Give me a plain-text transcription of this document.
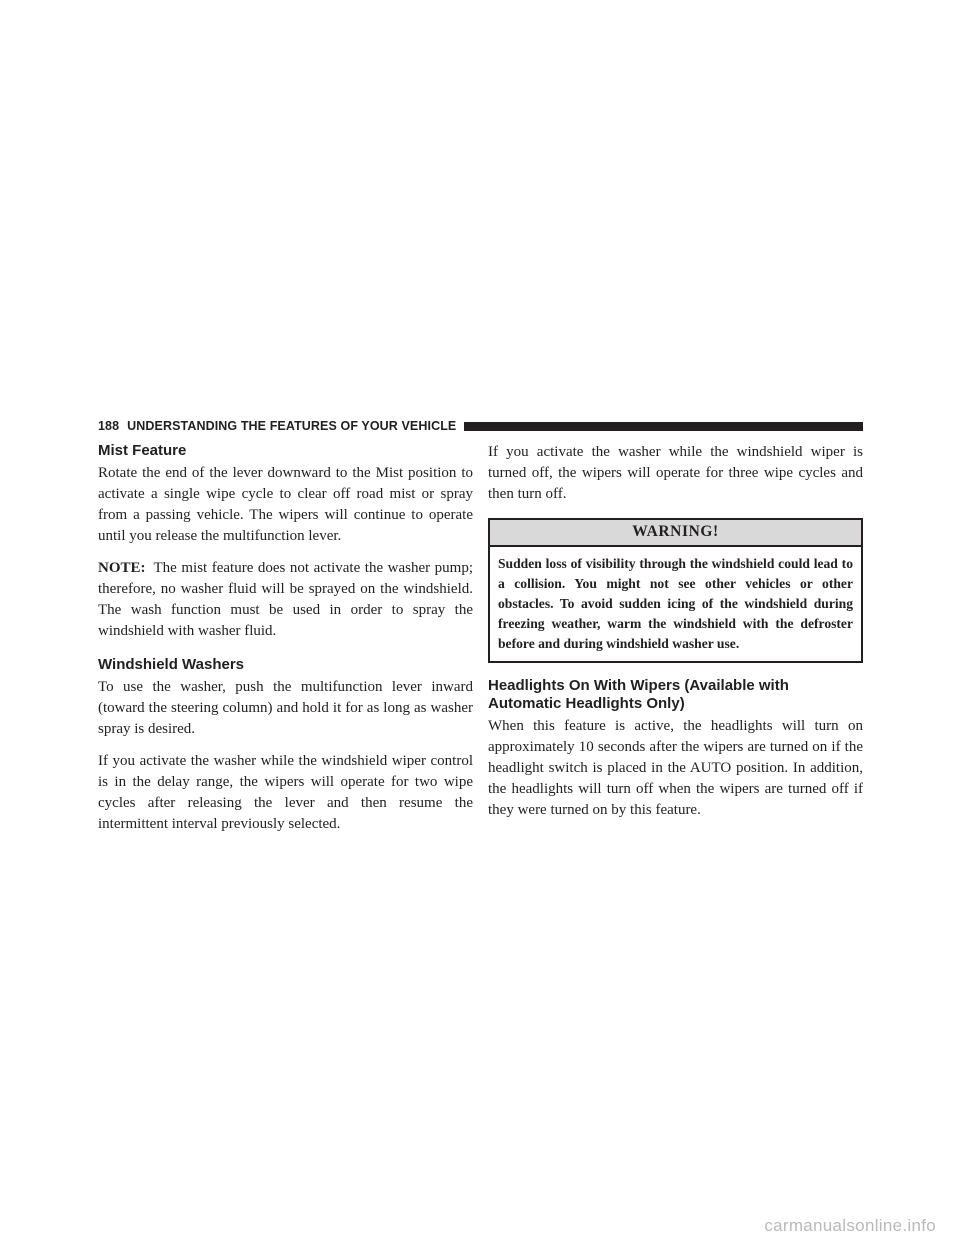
188 UNDERSTANDING THE FEATURES OF YOUR VEHICLE
Mist Feature

Rotate the end of the lever downward to the Mist position to activate a single wipe cycle to clear off road mist or spray from a passing vehicle. The wipers will continue to operate until you release the multifunction lever.

NOTE: The mist feature does not activate the washer pump; therefore, no washer fluid will be sprayed on the windshield. The wash function must be used in order to spray the windshield with washer fluid.

Windshield Washers

To use the washer, push the multifunction lever inward (toward the steering column) and hold it for as long as washer spray is desired.

If you activate the washer while the windshield wiper control is in the delay range, the wipers will operate for two wipe cycles after releasing the lever and then resume the intermittent interval previously selected.

If you activate the washer while the windshield wiper is turned off, the wipers will operate for three wipe cycles and then turn off.

WARNING!

Sudden loss of visibility through the windshield could lead to a collision. You might not see other vehicles or other obstacles. To avoid sudden icing of the windshield during freezing weather, warm the windshield with the defroster before and during windshield washer use.

Headlights On With Wipers (Available with Automatic Headlights Only)

When this feature is active, the headlights will turn on approximately 10 seconds after the wipers are turned on if the headlight switch is placed in the AUTO position. In addition, the headlights will turn off when the wipers are turned off if they were turned on by this feature.

carmanualsonline.info
